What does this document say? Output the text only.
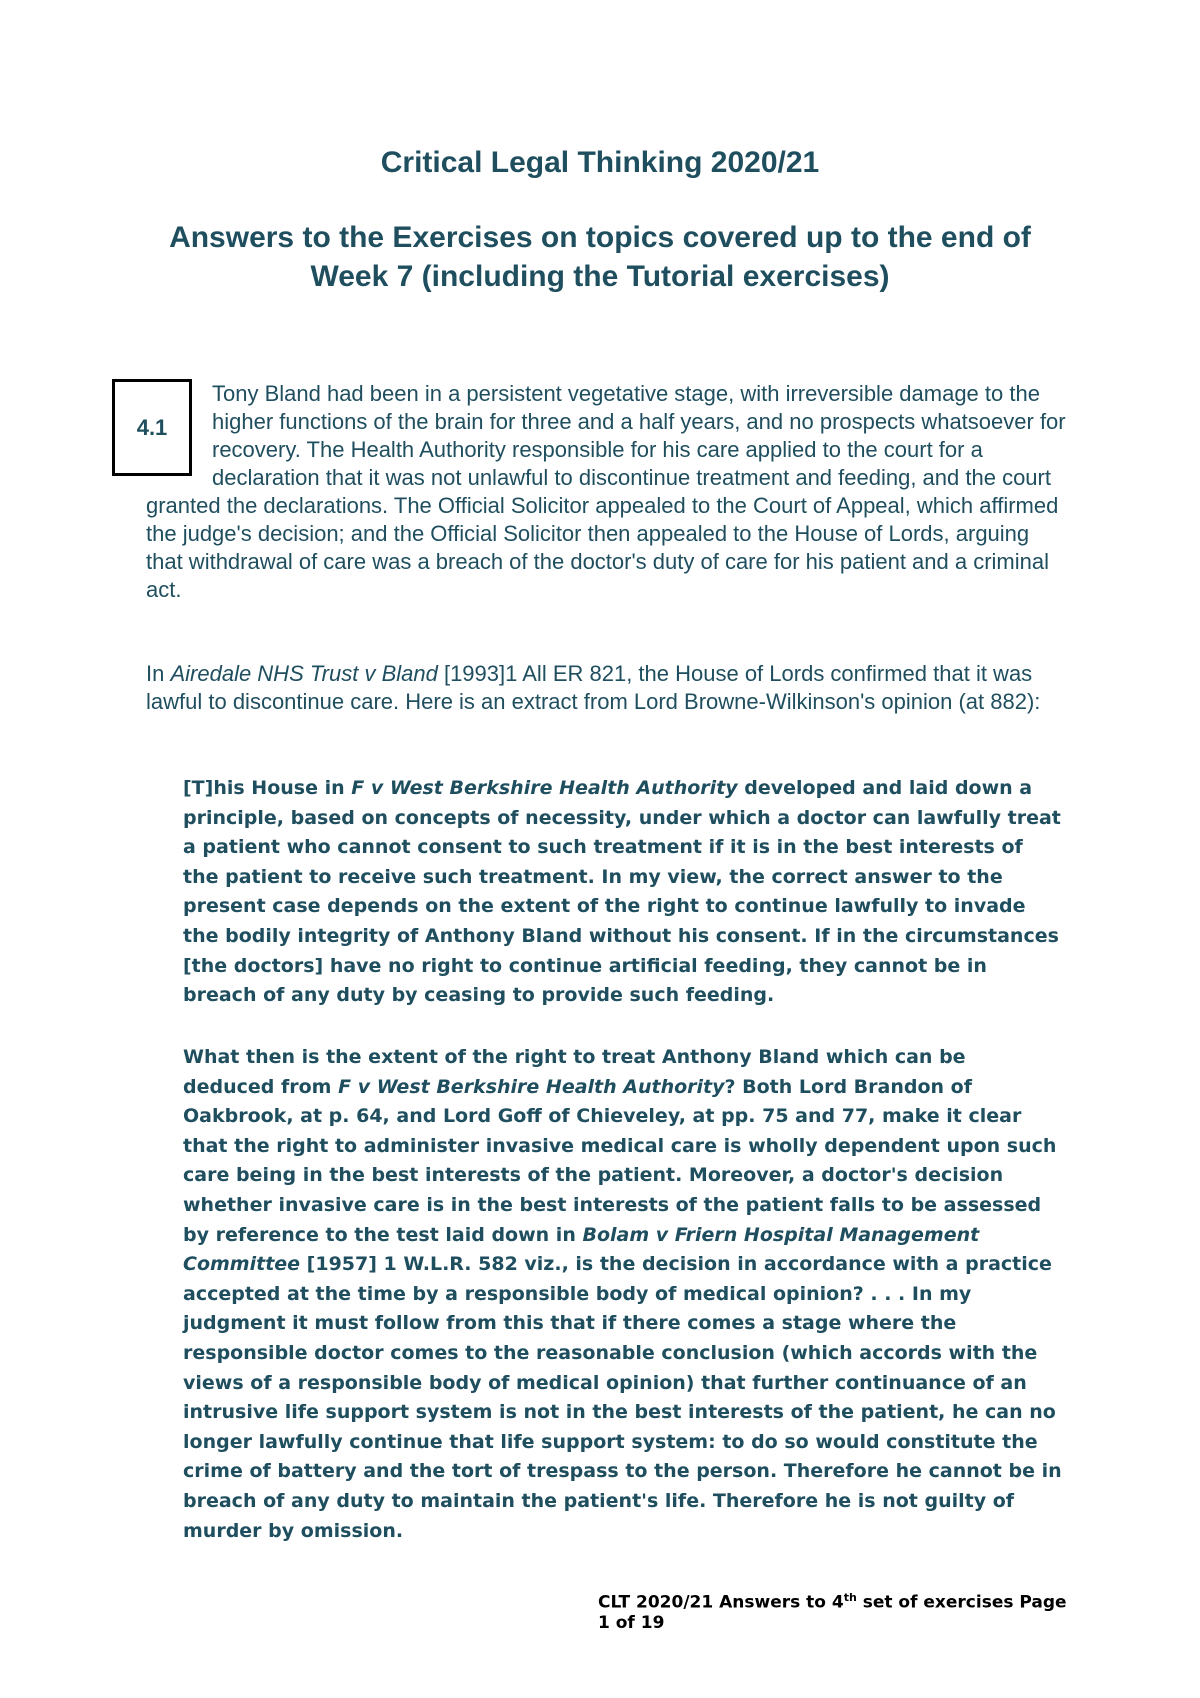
Critical Legal Thinking 2020/21
Answers to the Exercises on topics covered up to the end of Week 7 (including the Tutorial exercises)
4.1

Tony Bland had been in a persistent vegetative stage, with irreversible damage to the higher functions of the brain for three and a half years, and no prospects whatsoever for recovery. The Health Authority responsible for his care applied to the court for a declaration that it was not unlawful to discontinue treatment and feeding, and the court granted the declarations. The Official Solicitor appealed to the Court of Appeal, which affirmed the judge's decision; and the Official Solicitor then appealed to the House of Lords, arguing that withdrawal of care was a breach of the doctor's duty of care for his patient and a criminal act.

In Airedale NHS Trust v Bland [1993]1 All ER 821, the House of Lords confirmed that it was lawful to discontinue care. Here is an extract from Lord Browne-Wilkinson's opinion (at 882):

[T]his House in F v West Berkshire Health Authority developed and laid down a principle, based on concepts of necessity, under which a doctor can lawfully treat a patient who cannot consent to such treatment if it is in the best interests of the patient to receive such treatment. In my view, the correct answer to the present case depends on the extent of the right to continue lawfully to invade the bodily integrity of Anthony Bland without his consent. If in the circumstances [the doctors] have no right to continue artificial feeding, they cannot be in breach of any duty by ceasing to provide such feeding.

What then is the extent of the right to treat Anthony Bland which can be deduced from F v West Berkshire Health Authority? Both Lord Brandon of Oakbrook, at p. 64, and Lord Goff of Chieveley, at pp. 75 and 77, make it clear that the right to administer invasive medical care is wholly dependent upon such care being in the best interests of the patient. Moreover, a doctor's decision whether invasive care is in the best interests of the patient falls to be assessed by reference to the test laid down in Bolam v Friern Hospital Management Committee [1957] 1 W.L.R. 582 viz., is the decision in accordance with a practice accepted at the time by a responsible body of medical opinion? . . . In my judgment it must follow from this that if there comes a stage where the responsible doctor comes to the reasonable conclusion (which accords with the views of a responsible body of medical opinion) that further continuance of an intrusive life support system is not in the best interests of the patient, he can no longer lawfully continue that life support system: to do so would constitute the crime of battery and the tort of trespass to the person. Therefore he cannot be in breach of any duty to maintain the patient's life. Therefore he is not guilty of murder by omission.

CLT 2020/21 Answers to 4th set of exercises Page 1 of 19
